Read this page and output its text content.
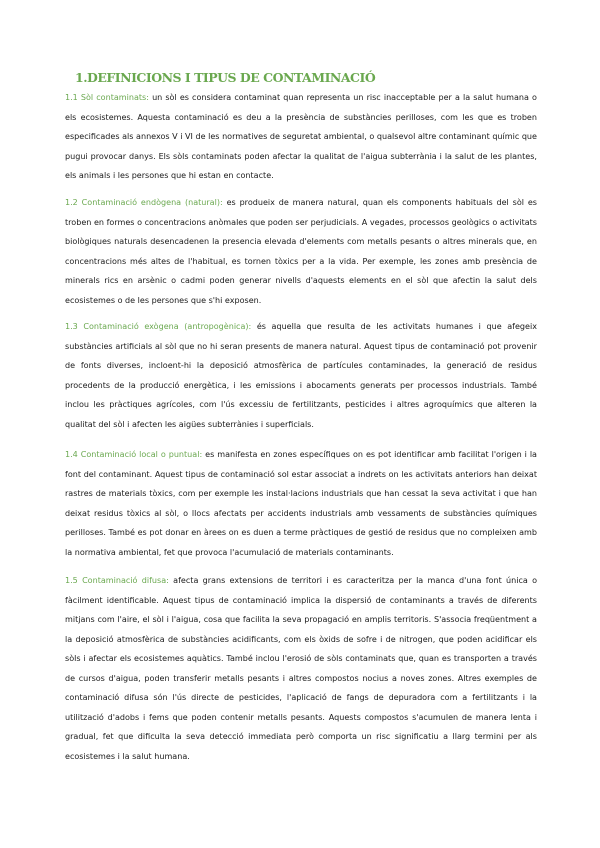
1.DEFINICIONS I TIPUS DE CONTAMINACIÓ

1.1 Sòl contaminats: un sòl es considera contaminat quan representa un risc inacceptable per a la salut humana o els ecosistemes. Aquesta contaminació es deu a la presència de substàncies perilloses, com les que es troben especificades als annexos V i VI de les normatives de seguretat ambiental, o qualsevol altre contaminant químic que pugui provocar danys. Els sòls contaminats poden afectar la qualitat de l'aigua subterrània i la salut de les plantes, els animals i les persones que hi estan en contacte.

1.2 Contaminació endògena (natural): es produeix de manera natural, quan els components habituals del sòl es troben en formes o concentracions anòmales que poden ser perjudicials. A vegades, processos geològics o activitats biològiques naturals desencadenen la presencia elevada d'elements com metalls pesants o altres minerals que, en concentracions més altes de l'habitual, es tornen tòxics per a la vida. Per exemple, les zones amb presència de minerals rics en arsènic o cadmi poden generar nivells d'aquests elements en el sòl que afectin la salut dels ecosistemes o de les persones que s'hi exposen.

1.3 Contaminació exògena (antropogènica): és aquella que resulta de les activitats humanes i que afegeix substàncies artificials al sòl que no hi seran presents de manera natural. Aquest tipus de contaminació pot provenir de fonts diverses, incloent-hi la deposició atmosfèrica de partícules contaminades, la generació de residus procedents de la producció energètica, i les emissions i abocaments generats per processos industrials. També inclou les pràctiques agrícoles, com l'ús excessiu de fertilitzants, pesticides i altres agroquímics que alteren la qualitat del sòl i afecten les aigües subterrànies i superficials.

1.4 Contaminació local o puntual: es manifesta en zones específiques on es pot identificar amb facilitat l'origen i la font del contaminant. Aquest tipus de contaminació sol estar associat a indrets on les activitats anteriors han deixat rastres de materials tòxics, com per exemple les instal·lacions industrials que han cessat la seva activitat i que han deixat residus tòxics al sòl, o llocs afectats per accidents industrials amb vessaments de substàncies químiques perilloses. També es pot donar en àrees on es duen a terme pràctiques de gestió de residus que no compleixen amb la normativa ambiental, fet que provoca l'acumulació de materials contaminants.

1.5 Contaminació difusa: afecta grans extensions de territori i es caracteritza per la manca d'una font única o fàcilment identificable. Aquest tipus de contaminació implica la dispersió de contaminants a través de diferents mitjans com l'aire, el sòl i l'aigua, cosa que facilita la seva propagació en amplis territoris. S'associa freqüentment a la deposició atmosfèrica de substàncies acidificants, com els òxids de sofre i de nitrogen, que poden acidificar els sòls i afectar els ecosistemes aquàtics. També inclou l'erosió de sòls contaminats que, quan es transporten a través de cursos d'aigua, poden transferir metalls pesants i altres compostos nocius a noves zones. Altres exemples de contaminació difusa són l'ús directe de pesticides, l'aplicació de fangs de depuradora com a fertilitzants i la utilització d'adobs i fems que poden contenir metalls pesants. Aquests compostos s'acumulen de manera lenta i gradual, fet que dificulta la seva detecció immediata però comporta un risc significatiu a llarg termini per als ecosistemes i la salut humana.
